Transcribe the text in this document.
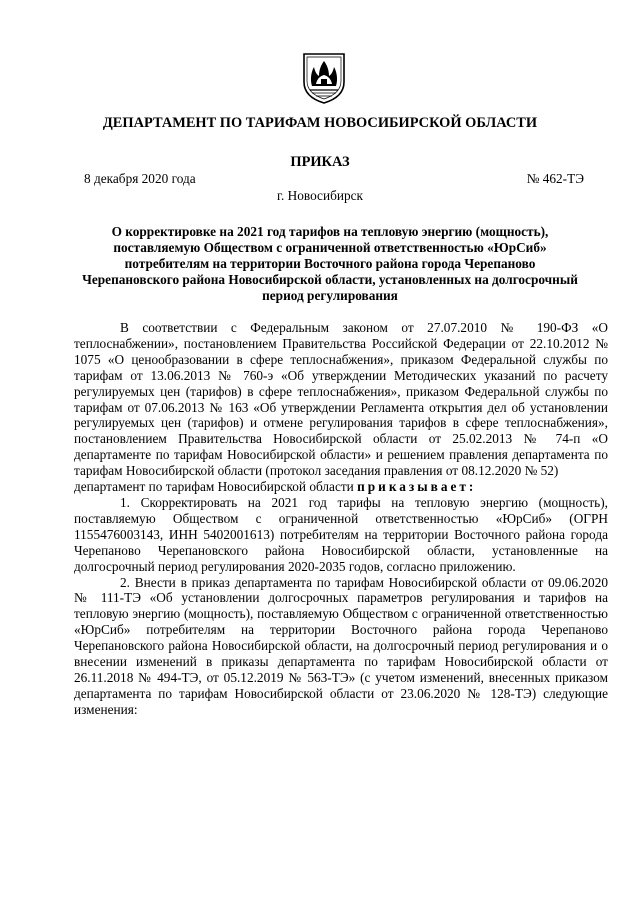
ДЕПАРТАМЕНТ ПО ТАРИФАМ НОВОСИБИРСКОЙ ОБЛАСТИ
ПРИКАЗ
8 декабря 2020 года	№ 462-ТЭ
г. Новосибирск
О корректировке на 2021 год тарифов на тепловую энергию (мощность), поставляемую Обществом с ограниченной ответственностью «ЮрСиб» потребителям на территории Восточного района города Черепаново Черепановского района Новосибирской области, установленных на долгосрочный период регулирования

В соответствии с Федеральным законом от 27.07.2010 № 190-ФЗ «О теплоснабжении», постановлением Правительства Российской Федерации от 22.10.2012 № 1075 «О ценообразовании в сфере теплоснабжения», приказом Федеральной службы по тарифам от 13.06.2013 № 760-э «Об утверждении Методических указаний по расчету регулируемых цен (тарифов) в сфере теплоснабжения», приказом Федеральной службы по тарифам от 07.06.2013 № 163 «Об утверждении Регламента открытия дел об установлении регулируемых цен (тарифов) и отмене регулирования тарифов в сфере теплоснабжения», постановлением Правительства Новосибирской области от 25.02.2013 № 74-п «О департаменте по тарифам Новосибирской области» и решением правления департамента по тарифам Новосибирской области (протокол заседания правления от 08.12.2020 № 52)

департамент по тарифам Новосибирской области приказывает:

1. Скорректировать на 2021 год тарифы на тепловую энергию (мощность), поставляемую Обществом с ограниченной ответственностью «ЮрСиб» (ОГРН 1155476003143, ИНН 5402001613) потребителям на территории Восточного района города Черепаново Черепановского района Новосибирской области, установленные на долгосрочный период регулирования 2020-2035 годов, согласно приложению.

2. Внести в приказ департамента по тарифам Новосибирской области от 09.06.2020 № 111-ТЭ «Об установлении долгосрочных параметров регулирования и тарифов на тепловую энергию (мощность), поставляемую Обществом с ограниченной ответственностью «ЮрСиб» потребителям на территории Восточного района города Черепаново Черепановского района Новосибирской области, на долгосрочный период регулирования и о внесении изменений в приказы департамента по тарифам Новосибирской области от 26.11.2018 № 494-ТЭ, от 05.12.2019 № 563-ТЭ» (с учетом изменений, внесенных приказом департамента по тарифам Новосибирской области от 23.06.2020 № 128-ТЭ) следующие изменения:
